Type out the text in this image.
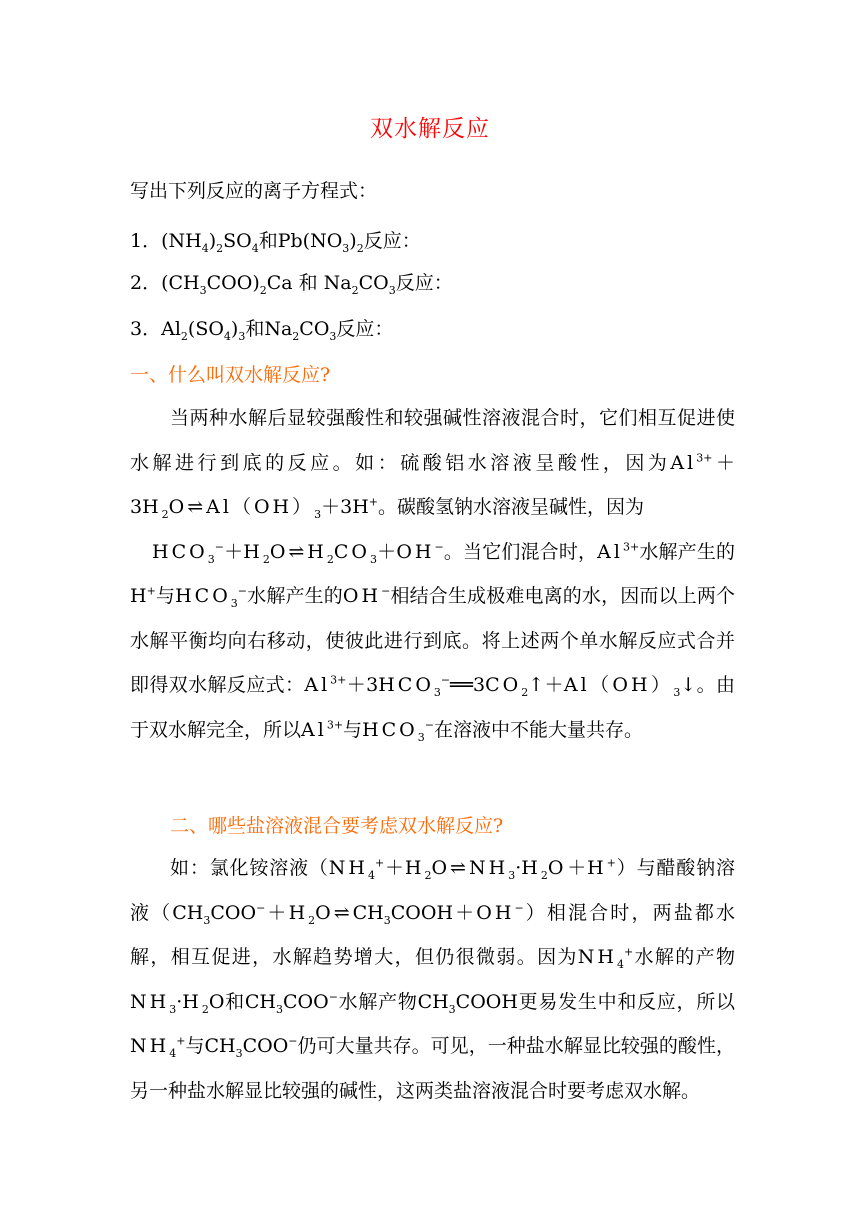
双水解反应
写出下列反应的离子方程式：
1．$(NH_4)_2SO_4$和$Pb(NO_3)_2$反应：
2．$(CH_3COO)_2Ca$ 和 $Na_2CO_3$反应：
3．$Al_2(SO_4)_3$和$Na_2CO_3$反应：
一、什么叫双水解反应?
当两种水解后显较强酸性和较强碱性溶液混合时，它们相互促进使水解进行到底的反应。如：硫酸铝水溶液呈酸性，因为$Al^{3+}+3H_2O\rightleftharpoons Al(OH)_3+3H^+$。碳酸氢钠水溶液呈碱性，因为
$HCO_3^-+H_2O\rightleftharpoons H_2CO_3+OH^-$。当它们混合时，$Al^{3+}$水解产生的H+与$HCO_3^-$水解产生的OH−相结合生成极难电离的水，因而以上两个水解平衡均向右移动，使彼此进行到底。将上述两个单水解反应式合并即得双水解反应式：$Al^{3+}+3HCO_3^-══3CO_2↑+Al(OH)_3↓$。由于双水解完全，所以$Al^{3+}$与$HCO_3^-$在溶液中不能大量共存。
二、哪些盐溶液混合要考虑双水解反应?
如：氯化铵溶液$(NH_4^++H_2O\rightleftharpoons NH_3\cdot H_2O+H^+)$与醋酸钠溶液$(CH_3COO^-+H_2O\rightleftharpoons CH_3COOH+OH^-)$相混合时，两盐都水解，相互促进，水解趋势增大，但仍很微弱。因为$NH_4^+$水解的产物$NH_3\cdot H_2O$和$CH_3COO^-$水解产物$CH_3COOH$更易发生中和反应，所以$NH_4^+$与$CH_3COO^-$仍可大量共存。可见，一种盐水解显比较强的酸性，另一种盐水解显比较强的碱性，这两类盐溶液混合时要考虑双水解。
